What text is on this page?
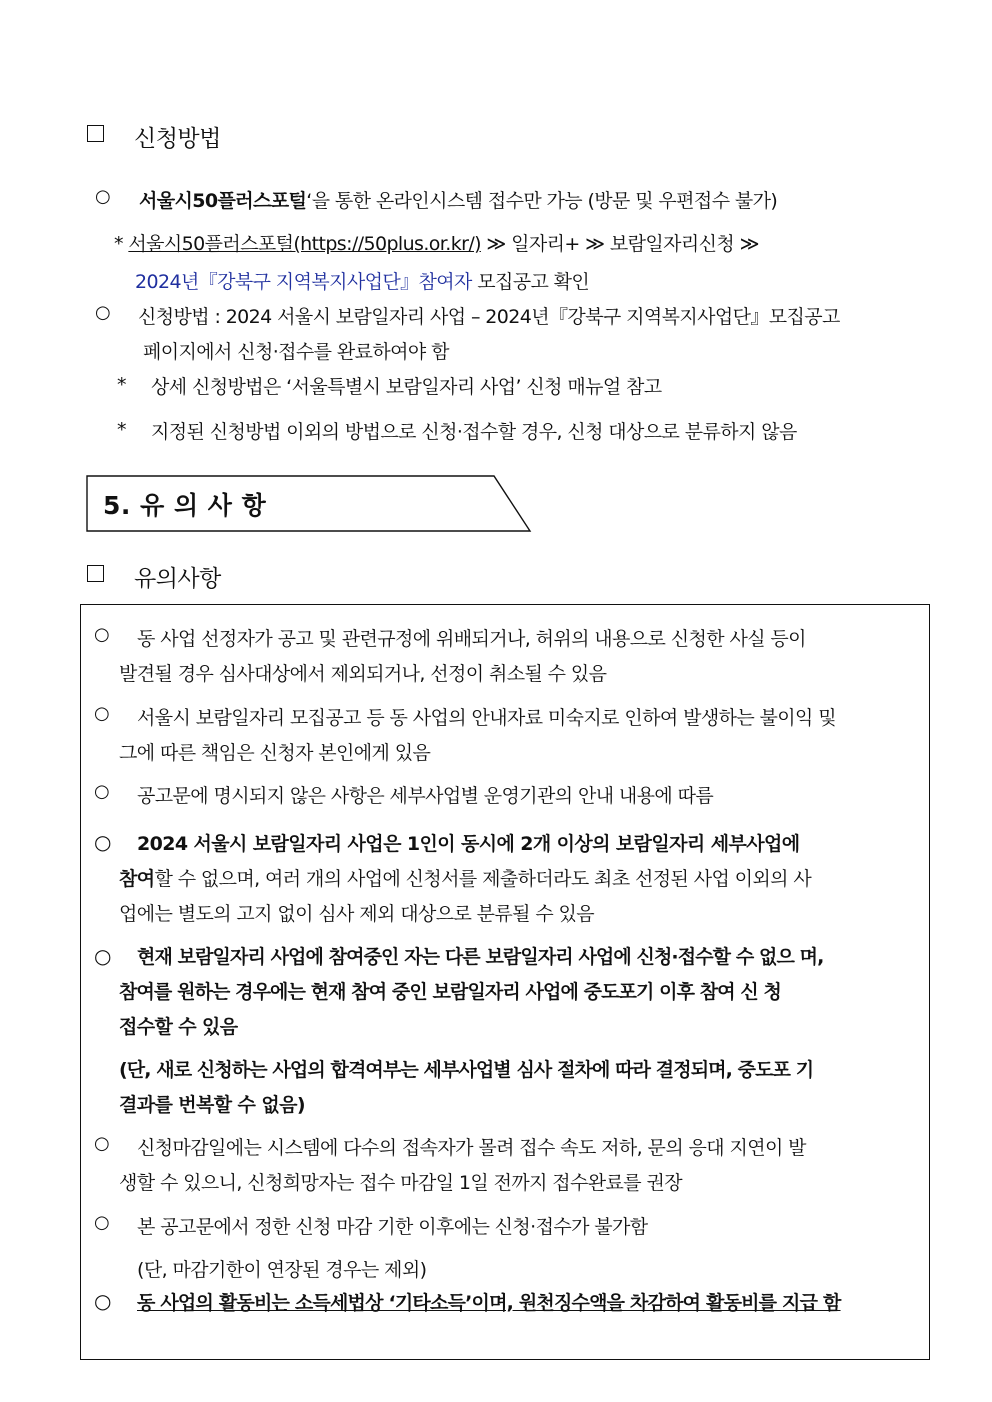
신청방법
○ 서울시50플러스포털‘을 통한 온라인시스템 접수만 가능 (방문 및 우편접수 불가)
* 서울시50플러스포털(https://50plus.or.kr/) ≫ 일자리+ ≫ 보람일자리신청 ≫
2024년『강북구 지역복지사업단』참여자 모집공고 확인
○ 신청방법 : 2024 서울시 보람일자리 사업 – 2024년『강북구 지역복지사업단』모집공고
페이지에서 신청·접수를 완료하여야 함
* 상세 신청방법은 ‘서울특별시 보람일자리 사업’ 신청 매뉴얼 참고
* 지정된 신청방법 이외의 방법으로 신청·접수할 경우, 신청 대상으로 분류하지 않음
5. 유 의 사 항
유의사항
○ 동 사업 선정자가 공고 및 관련규정에 위배되거나, 허위의 내용으로 신청한 사실 등이
발견될 경우 심사대상에서 제외되거나, 선정이 취소될 수 있음
○ 서울시 보람일자리 모집공고 등 동 사업의 안내자료 미숙지로 인하여 발생하는 불이익 및
그에 따른 책임은 신청자 본인에게 있음
○ 공고문에 명시되지 않은 사항은 세부사업별 운영기관의 안내 내용에 따름
○ 2024 서울시 보람일자리 사업은 1인이 동시에 2개 이상의 보람일자리 세부사업에
참여할 수 없으며, 여러 개의 사업에 신청서를 제출하더라도 최초 선정된 사업 이외의 사
업에는 별도의 고지 없이 심사 제외 대상으로 분류될 수 있음
○ 현재 보람일자리 사업에 참여중인 자는 다른 보람일자리 사업에 신청·접수할 수 없으 며,
참여를 원하는 경우에는 현재 참여 중인 보람일자리 사업에 중도포기 이후 참여 신 청
접수할 수 있음
(단, 새로 신청하는 사업의 합격여부는 세부사업별 심사 절차에 따라 결정되며, 중도포 기
결과를 번복할 수 없음)
○ 신청마감일에는 시스템에 다수의 접속자가 몰려 접수 속도 저하, 문의 응대 지연이 발
생할 수 있으니, 신청희망자는 접수 마감일 1일 전까지 접수완료를 권장
○ 본 공고문에서 정한 신청 마감 기한 이후에는 신청·접수가 불가함
(단, 마감기한이 연장된 경우는 제외)
○ 동 사업의 활동비는 소득세법상 ‘기타소득’이며, 원천징수액을 차감하여 활동비를 지급 함
